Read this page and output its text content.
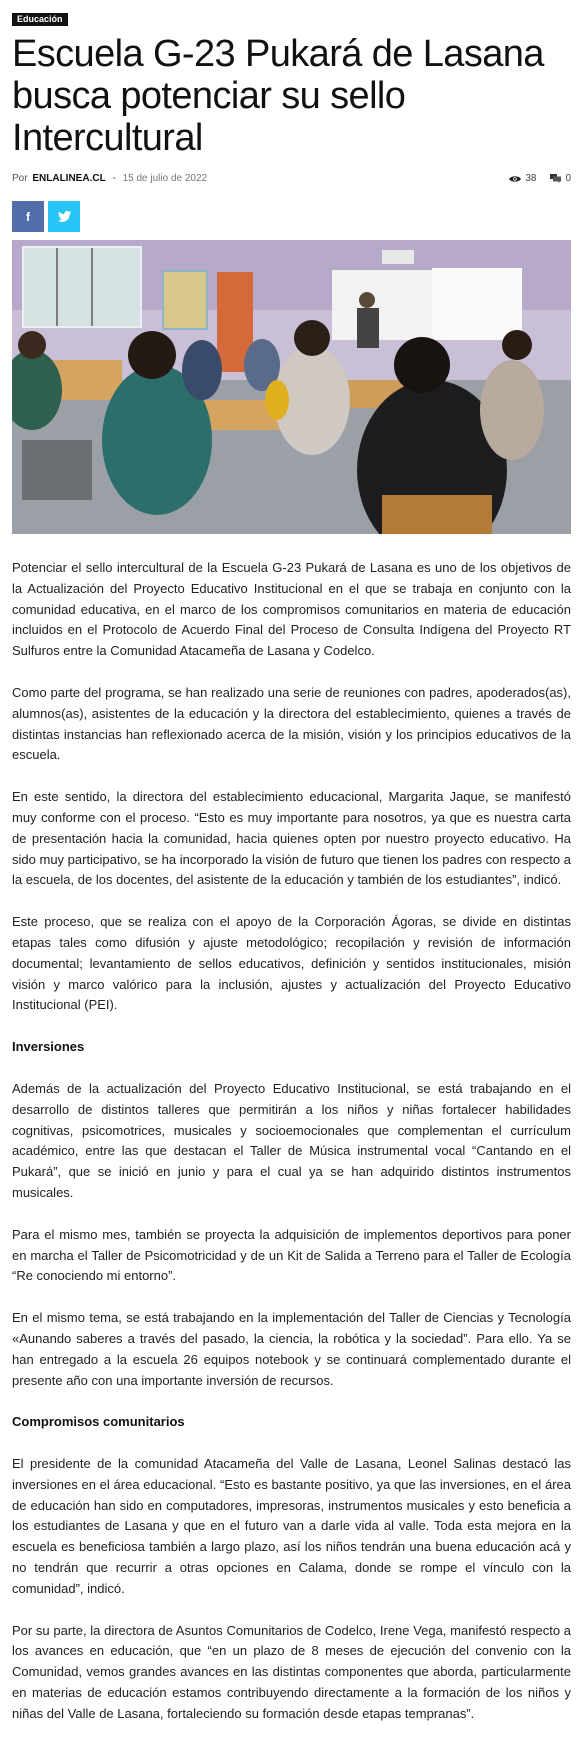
Educación
Escuela G-23 Pukará de Lasana busca potenciar su sello Intercultural
Por ENLALINEA.CL - 15 de julio de 2022	38	0
f

Potenciar el sello intercultural de la Escuela G-23 Pukará de Lasana es uno de los objetivos de la Actualización del Proyecto Educativo Institucional en el que se trabaja en conjunto con la comunidad educativa, en el marco de los compromisos comunitarios en materia de educación incluidos en el Protocolo de Acuerdo Final del Proceso de Consulta Indígena del Proyecto RT Sulfuros entre la Comunidad Atacameña de Lasana y Codelco.

Como parte del programa, se han realizado una serie de reuniones con padres, apoderados(as), alumnos(as), asistentes de la educación y la directora del establecimiento, quienes a través de distintas instancias han reflexionado acerca de la misión, visión y los principios educativos de la escuela.

En este sentido, la directora del establecimiento educacional, Margarita Jaque, se manifestó muy conforme con el proceso. “Esto es muy importante para nosotros, ya que es nuestra carta de presentación hacia la comunidad, hacia quienes opten por nuestro proyecto educativo. Ha sido muy participativo, se ha incorporado la visión de futuro que tienen los padres con respecto a la escuela, de los docentes, del asistente de la educación y también de los estudiantes”, indicó.

Este proceso, que se realiza con el apoyo de la Corporación Ágoras, se divide en distintas etapas tales como difusión y ajuste metodológico; recopilación y revisión de información documental; levantamiento de sellos educativos, definición y sentidos institucionales, misión visión y marco valórico para la inclusión, ajustes y actualización del Proyecto Educativo Institucional (PEI).

Inversiones

Además de la actualización del Proyecto Educativo Institucional, se está trabajando en el desarrollo de distintos talleres que permitirán a los niños y niñas fortalecer habilidades cognitivas, psicomotrices, musicales y socioemocionales que complementan el currículum académico, entre las que destacan el Taller de Música instrumental vocal “Cantando en el Pukará”, que se inició en junio y para el cual ya se han adquirido distintos instrumentos musicales.

Para el mismo mes, también se proyecta la adquisición de implementos deportivos para poner en marcha el Taller de Psicomotricidad y de un Kit de Salida a Terreno para el Taller de Ecología “Re conociendo mi entorno”.

En el mismo tema, se está trabajando en la implementación del Taller de Ciencias y Tecnología «Aunando saberes a través del pasado, la ciencia, la robótica y la sociedad”. Para ello. Ya se han entregado a la escuela 26 equipos notebook y se continuará complementado durante el presente año con una importante inversión de recursos.

Compromisos comunitarios

El presidente de la comunidad Atacameña del Valle de Lasana, Leonel Salinas destacó las inversiones en el área educacional. “Esto es bastante positivo, ya que las inversiones, en el área de educación han sido en computadores, impresoras, instrumentos musicales y esto beneficia a los estudiantes de Lasana y que en el futuro van a darle vida al valle. Toda esta mejora en la escuela es beneficiosa también a largo plazo, así los niños tendrán una buena educación acá y no tendrán que recurrir a otras opciones en Calama, donde se rompe el vínculo con la comunidad”, indicó.

Por su parte, la directora de Asuntos Comunitarios de Codelco, Irene Vega, manifestó respecto a los avances en educación, que “en un plazo de 8 meses de ejecución del convenio con la Comunidad, vemos grandes avances en las distintas componentes que aborda, particularmente en materias de educación estamos contribuyendo directamente a la formación de los niños y niñas del Valle de Lasana, fortaleciendo su formación desde etapas tempranas”.
